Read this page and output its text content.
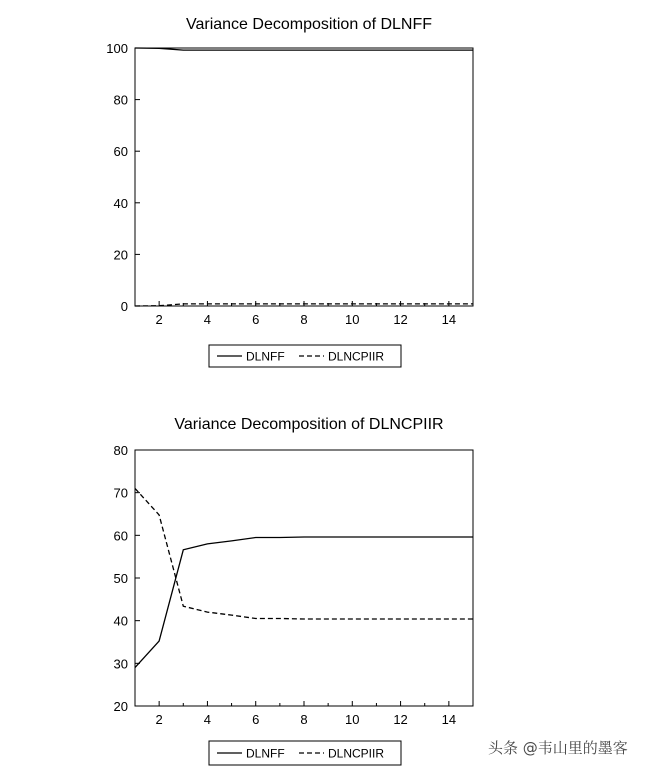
Variance Decomposition of DLNFF
0
20
40
60
80
100
2	4	6	8	10	12	14
DLNFF	DLNCPIIR
Variance Decomposition of DLNCPIIR
20
30
40
50
60
70
80
2	4	6	8	10	12	14
DLNFF	DLNCPIIR	头条 @韦山里的墨客
